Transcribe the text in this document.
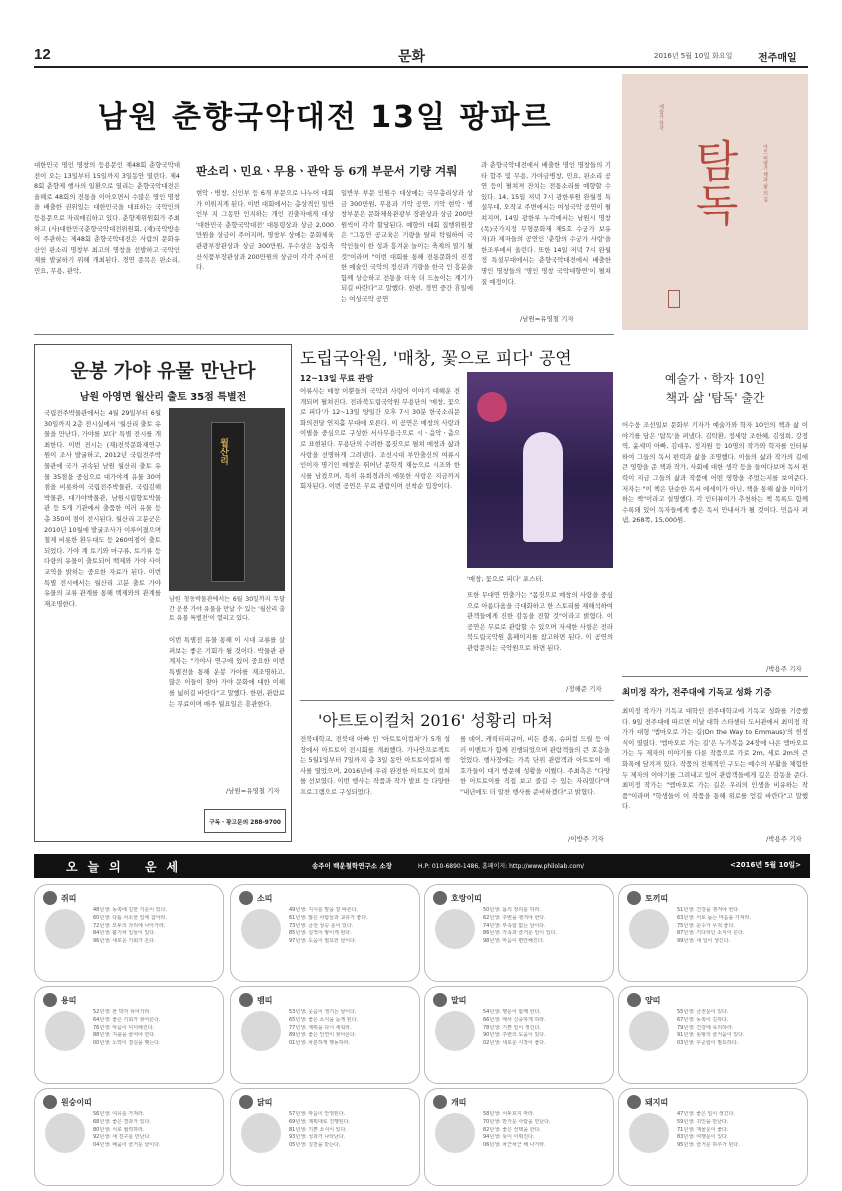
12	문화	2016년 5월 10일 화요일	전주매일
남원 춘향국악대전 13일 팡파르
탐독
예술가 학자
아트 비평가 책과 삶 의 집
판소리ㆍ민요ㆍ무용ㆍ관악 등 6개 부문서 기량 겨뤄

대한민국 명인 명창의 등용문인 제48회 춘향국악대전이 오는 13일부터 15일까지 3일동안 열린다. 제48회 춘향제 행사의 일환으로 열리는 춘향국악대전은 올해로 48회의 전통을 이어오면서 수많은 명인 명창을 배출한 권위있는 대한민국을 대표하는 국악인의 등용문으로 자리매김하고 있다. 춘향제위원회가 주최하고 (사)대한민국춘향국악대전위원회, (재)국악방송이 주관하는 제48회 춘향국악대전은 사람의 문화유산인 판소리 명창부 최고의 명창을 선발하고 국악인재를 발굴하기 위해 개최된다. 경연 종목은 판소리, 민요, 무용, 관악,

현악ㆍ병창, 신인부 등 6개 부문으로 나누어 대회가 이뤄지게 된다. 이번 대회에서는 총상격인 일반인부 지 그동안 인지하는 개인 진출자에게 대상 '대한민국 춘향국악대전' 대통령상과 상금 2,000만원을 상금이 주어지며, 명창부 상에는 문화체육관광부장관상과 상금 300만원, 우수상은 농림축산식품부장관상과 200만원의 상금이 각각 주어진다.

일반부 부문 인원수 대상에는 국무총리상과 상금 300만원, 무용과 기악 공연, 기악 현악ㆍ병창부문은 문화체육관광부 장관상과 상금 200만원씩이 각각 할당된다. 예향의 대회 집행위원장은 "그동안 공교육은 기량을 탈피 탁월하여 국악인들이 한 성과 흥겨운 놀이는 축제의 열기 될 것"이라며 "이번 대회를 통해 전통문화의 진정한 예술인 국악의 정신과 기량을 한국 인 흥분을 함께 상승하고 전통을 더욱 더 드높이는 계기가 되길 바란다"고 말했다. 한편, 경연 중간 휴일에는 여성국악 공연

과 춘향국악대전에서 배출한 명인 명창들의 기타 합주 및 무용, 가야금병창, 민요, 판소리 공연 등이 펼쳐져 잔치는 전통소리를 예향할 수 있다. 14, 15일 저녁 7시 광한루원 완월정 특설무대, 오작교 주변에서는 여성국악 공연이 펼쳐지며, 14일 광한루 누각에서는 남원시 명창(목)국가지정 무형문화재 제5호 수궁가 보유자)과 제자들의 공연인 '춘향의 수궁가 사랑'을 한조루에서 올린다. 또한 14일 저녁 7시 완월정 특설무대에서는 춘향국악대전에서 배출한 명인 명창들의 '명인 명창 국악대향연'이 펼쳐질 예정이다.

/남원=유영철 기자
운봉 가야 유물 만난다
남원 아영면 월산리 출토 35점 특별전

국립전주박물관에서는 4월 29일부터 6월 30일까지 2층 전시실에서 '월산리 출토 유물을 만난다, 가야를 보다' 특별 전시를 개최한다. 이번 전시는 (재)전북문화재연구원이 조사 발굴하고, 2012년 국립전주박물관에 국가 귀속된 남원 월산리 출토 유물 35점을 중심으로 대가야계 유물 30여점을 비롯하여 국립전주박물관, 국립김해박물관, 대가야박물관, 남원시립향토박물관 등 5개 기관에서 출품한 여러 유물 등 총 350여 점이 전시된다. 월산리 고분군은 2010년 10월에 발굴조사가 이루어졌으며 철제 비롯한 환두대도 등 260여점이 출토되었다. 가야 계 토기와 마구류, 토기류 등 다량의 유물이 출토되어 백제와 가야 사이 교역을 밝히는 중요한 자료가 된다. 이번 특별 전시에서는 월산리 고분 출토 가야 유물의 교류 관계를 통해 백제와의 관계를 재조명한다.

월산리

남원 청동박물관에서는 6월 30일까지 두달 간 운봉 가야 유물을 만날 수 있는 '월산리 출토 유물 특별전'이 열리고 있다.

이번 특별전 유물 통해 이 시대 교류를 살펴보는 좋은 기회가 될 것이다. 박물관 관계자는 "가야사 연구에 있어 중요한 이번 특별전을 통해 운봉 가야를 재조명하고, 많은 이들이 찾아 가야 문화에 대한 이해를 넓히길 바란다"고 말했다. 한편, 관람료는 무료이며 매주 월요일은 휴관한다.

/남원=유영철 기자
구독ㆍ광고문의 288-9700
도립국악원, '매창, 꽃으로 피다' 공연
12~13일 무료 관람

어류사는 매창 이뿐들의 국악과 사랑이 이야기 대해운 전개되며 펼쳐진다. 전라북도립국악원 무용단의 '매창, 꽃으로 피다'가 12~13일 양일간 오후 7시 30분 한국소리문화의전당 연지홀 무대에 오른다. 이 공연은 매창의 사랑과 이별을 중심으로 구성한 서사무용극으로 시ㆍ음악ㆍ춤으로 표현된다. 무용단의 수려한 몸짓으로 펼쳐 매창과 삶과 사랑을 선명하게 그려낸다. 조선시대 부안출신의 여류시인이자 명기인 매창은 뛰어난 문학적 재능으로 시조와 한시를 남겼으며, 특히 유희경과의 애틋한 사랑은 지금까지 회자된다. 이번 공연은 무료 관람이며 선착순 입장이다.

'매창, 꽃으로 피다' 포스터.

또한 무대연 연출가는 "몸짓으로 매창의 사랑을 중심으로 아름다움을 극대화하고 한 스토리를 재해석하여 관객들에게 진한 감동을 전할 것"이라고 밝혔다. 이 공연은 무료로 관람할 수 있으며 자세한 사항은 전라북도립국악원 홈페이지를 참고하면 된다. 이 공연의 관람문의는 국악원으로 하면 된다.

/정해준 기자
'아트토이컬처 2016' 성황리 마쳐

전북대학교, 전북대 아빠 인 '아트토이컬처'가 5개 성장에서 아트토이 전시회를 개최했다. 가나안프로젝트는 5월1일부터 7일까지 총 3일 동안 아트토이컬처 행사를 열었으며, 2016년에 우리 완전한 아트토이 컬처를 선보였다. 이번 행사는 작품과 작가 발표 등 다양한 프로그램으로 구성되었다.

를 데이, 캐릭터피규어, 비든 블록, 슈퍼컬 드릴 등 여러 이벤트가 함께 진행되었으며 관람객들의 큰 호응을 얻었다. 행사장에는 가족 단위 관람객과 아트토이 애호가들이 대거 방문해 성황을 이뤘다. 주최측은 "다양한 아트토이를 직접 보고 즐길 수 있는 자리였다"며 "내년에도 더 알찬 행사를 준비하겠다"고 밝혔다.

/이방주 기자
예술가ㆍ학자 10인
책과 삶 '탐독' 출간

어수웅 조선일보 문화부 기자가 예술가와 학자 10인의 책과 삶 이야기를 담은 '탐독'을 펴냈다. 김탁환, 정세랑 조한혜, 김성희, 강정역, 윤세미 아빠, 김대우, 정지원 등 10명의 작가와 학자를 인터뷰하여 그들의 독서 편력과 삶을 조명했다. 이들의 삶과 작가의 길에 큰 영향을 준 책과 작가, 사회에 대한 생각 등을 들여다보며 독서 편력이 지금 그들의 삶과 작품에 어떤 영향을 주었는지를 보여준다. 저자는 "이 책은 단순한 독서 에세이가 아닌, 책을 통해 삶을 이야기하는 책"이라고 설명했다. 각 인터뷰이가 추천하는 책 목록도 함께 수록돼 있어 독자들에게 좋은 독서 안내서가 될 것이다. 민음사 펴냄, 268쪽, 15,000원.

/박용주 기자
최미정 작가, 전주대에 기독교 성화 기증

최미정 작가가 기독교 대학인 전주대학교에 기독교 성화를 기증했다. 9일 전주대에 따르면 이날 대학 스타센터 도서관에서 최미정 작가가 대형 '엠마오로 가는 길(On the Way to Emmaus)'의 헌정식이 열렸다. '엠마오로 가는 길'은 누가복음 24장에 나온 엠마오로 가는 두 제자의 이야기를 다룬 작품으로 가로 2m, 세로 2m의 큰 화폭에 담겨져 있다. 작품의 전체적인 구도는 예수의 부활을 체험한 두 제자의 이야기를 그려내고 있어 관람객들에게 깊은 감동을 준다. 최미정 작가는 "엠마오로 가는 길은 우리의 인생을 비유하는 작품"이라며 "학생들이 이 작품을 통해 위로를 얻길 바란다"고 말했다.

/박용주 기자
오늘의 운세	송주이 백운철학연구소 소장	H.P: 010-6890-1486, 홈페이지: http://www.philolab.com/	<2016년 5월 10일>
쥐띠
48년생: 동쪽에 길한 기운이 있다.
60년생: 다툼 사소한 일에 참아라.
72년생: 모두의 자리에 나아가라.
84년생: 활기차 일들이 있다.
96년생: 새로운 기회가 온다.
소띠
49년생: 지시를 말을 잘 따른다.
61년생: 많은 사람들과 교류가 좋다.
73년생: 금전 상승 운이 있다.
85년생: 실적이 쌓이게 된다.
97년생: 도움이 필요한 날이다.
호랑이띠
50년생: 몸의 정리를 하라.
62년생: 주변을 챙겨야 한다.
74년생: 부족함 없는 날이다.
86년생: 가족과 즐거운 일이 있다.
98년생: 마음이 편안해진다.
토끼띠
51년생: 건강을 챙겨야 한다.
63년생: 서로 돕는 마음을 가져라.
75년생: 운수가 무척 좋다.
87년생: 기다리던 소식이 온다.
99년생: 새 일이 생긴다.
용띠
52년생: 한 박자 쉬어가라.
64년생: 좋은 기회가 찾아온다.
76년생: 마음이 넉넉해진다.
88년생: 지출을 줄여야 한다.
00년생: 노력이 결실을 맺는다.
뱀띠
53년생: 웃음이 생기는 날이다.
65년생: 좋은 소식을 듣게 된다.
77년생: 계획을 다시 세워라.
89년생: 좋은 인연이 찾아온다.
01년생: 차분하게 행동하라.
말띠
54년생: 행운이 함께 한다.
66년생: 매사 신중하게 하라.
78년생: 기쁜 일이 생긴다.
90년생: 주변의 도움이 있다.
02년생: 새로운 시작이 좋다.
양띠
55년생: 금전운이 있다.
67년생: 동쪽이 길하다.
79년생: 건강에 유의하라.
91년생: 뜻밖의 즐거움이 있다.
03년생: 꾸준함이 필요하다.
원숭이띠
56년생: 여유를 가져라.
68년생: 좋은 결과가 있다.
80년생: 서로 협력하라.
92년생: 새 친구를 만난다.
04년생: 배움이 즐거운 날이다.
닭띠
57년생: 마음이 안정된다.
69년생: 계획대로 진행된다.
81년생: 기쁜 소식이 있다.
93년생: 성과가 나타난다.
05년생: 칭찬을 받는다.
개띠
58년생: 서두르지 마라.
70년생: 반가운 사람을 만난다.
82년생: 좋은 선택을 한다.
94년생: 뜻이 이뤄진다.
06년생: 차근차근 해 나가라.
돼지띠
47년생: 좋은 일이 생긴다.
59년생: 귀인을 만난다.
71년생: 재물운이 좋다.
83년생: 여행운이 있다.
95년생: 즐거운 하루가 된다.
